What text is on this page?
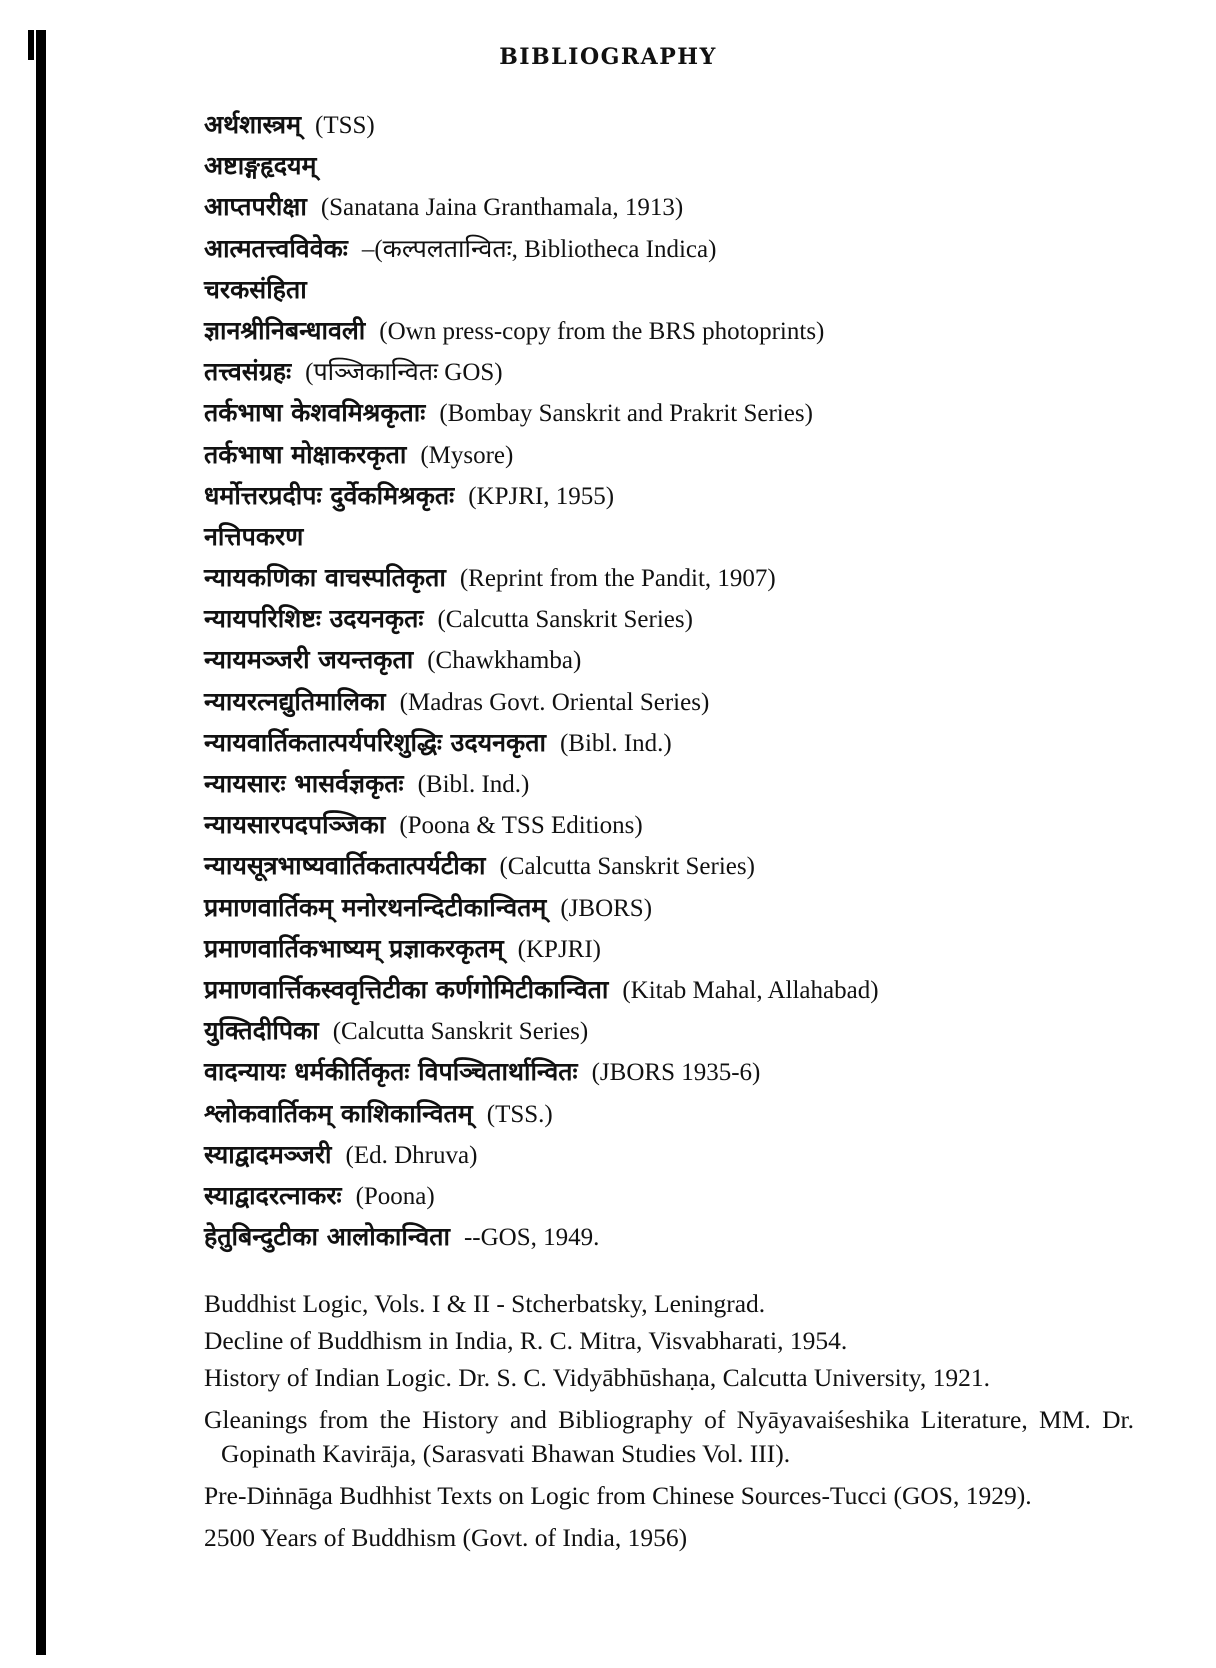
BIBLIOGRAPHY
अर्थशास्त्रम् (TSS)
अष्टाङ्गहृदयम्
आप्तपरीक्षा (Sanatana Jaina Granthamala, 1913)
आत्मतत्त्वविवेकः –(कल्पलतान्वितः, Bibliotheca Indica)
चरकसंहिता
ज्ञानश्रीनिबन्धावली (Own press-copy from the BRS photoprints)
तत्त्वसंग्रहः (पञ्जिकान्वितः GOS)
तर्कभाषा केशवमिश्रकृताः (Bombay Sanskrit and Prakrit Series)
तर्कभाषा मोक्षाकरकृता (Mysore)
धर्मोत्तरप्रदीपः दुर्वेकमिश्रकृतः (KPJRI, 1955)
नत्तिपकरण
न्यायकणिका वाचस्पतिकृता (Reprint from the Pandit, 1907)
न्यायपरिशिष्टः उदयनकृतः (Calcutta Sanskrit Series)
न्यायमञ्जरी जयन्तकृता (Chawkhamba)
न्यायरत्नद्युतिमालिका (Madras Govt. Oriental Series)
न्यायवार्तिकतात्पर्यपरिशुद्धिः उदयनकृता (Bibl. Ind.)
न्यायसारः भासर्वज्ञकृतः (Bibl. Ind.)
न्यायसारपदपञ्जिका (Poona & TSS Editions)
न्यायसूत्रभाष्यवार्तिकतात्पर्यटीका (Calcutta Sanskrit Series)
प्रमाणवार्तिकम् मनोरथनन्दिटीकान्वितम् (JBORS)
प्रमाणवार्तिकभाष्यम् प्रज्ञाकरकृतम् (KPJRI)
प्रमाणवार्त्तिकस्ववृत्तिटीका कर्णगोमिटीकान्विता (Kitab Mahal, Allahabad)
युक्तिदीपिका (Calcutta Sanskrit Series)
वादन्यायः धर्मकीर्तिकृतः विपञ्चितार्थान्वितः (JBORS 1935-6)
श्लोकवार्तिकम् काशिकान्वितम् (TSS.)
स्याद्वादमञ्जरी (Ed. Dhruva)
स्याद्वादरत्नाकरः (Poona)
हेतुबिन्दुटीका आलोकान्विता --GOS, 1949.
Buddhist Logic, Vols. I & II - Stcherbatsky, Leningrad.
Decline of Buddhism in India, R. C. Mitra, Visvabharati, 1954.
History of Indian Logic. Dr. S. C. Vidyābhūshaṇa, Calcutta University, 1921.
Gleanings from the History and Bibliography of Nyāyavaiśeshika Literature, MM. Dr. Gopinath Kavirāja, (Sarasvati Bhawan Studies Vol. III).
Pre-Diṅnāga Budhhist Texts on Logic from Chinese Sources-Tucci (GOS, 1929).
2500 Years of Buddhism (Govt. of India, 1956)
